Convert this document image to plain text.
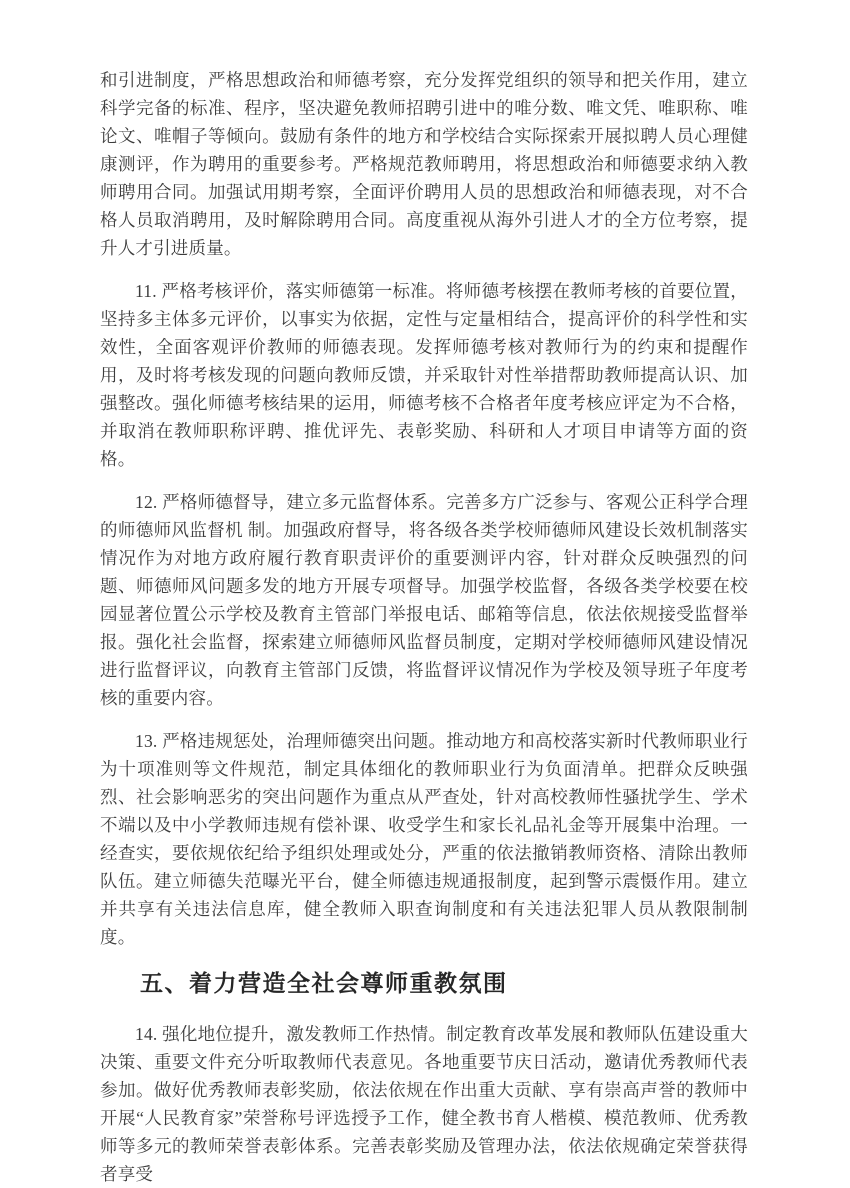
和引进制度，严格思想政治和师德考察，充分发挥党组织的领导和把关作用，建立科学完备的标准、程序，坚决避免教师招聘引进中的唯分数、唯文凭、唯职称、唯论文、唯帽子等倾向。鼓励有条件的地方和学校结合实际探索开展拟聘人员心理健康测评，作为聘用的重要参考。严格规范教师聘用，将思想政治和师德要求纳入教师聘用合同。加强试用期考察，全面评价聘用人员的思想政治和师德表现，对不合格人员取消聘用，及时解除聘用合同。高度重视从海外引进人才的全方位考察，提升人才引进质量。

11. 严格考核评价，落实师德第一标准。将师德考核摆在教师考核的首要位置，坚持多主体多元评价，以事实为依据，定性与定量相结合，提高评价的科学性和实效性，全面客观评价教师的师德表现。发挥师德考核对教师行为的约束和提醒作用，及时将考核发现的问题向教师反馈，并采取针对性举措帮助教师提高认识、加强整改。强化师德考核结果的运用，师德考核不合格者年度考核应评定为不合格，并取消在教师职称评聘、推优评先、表彰奖励、科研和人才项目申请等方面的资格。

12. 严格师德督导，建立多元监督体系。完善多方广泛参与、客观公正科学合理的师德师风监督机 制。加强政府督导，将各级各类学校师德师风建设长效机制落实情况作为对地方政府履行教育职责评价的重要测评内容，针对群众反映强烈的问题、师德师风问题多发的地方开展专项督导。加强学校监督，各级各类学校要在校园显著位置公示学校及教育主管部门举报电话、邮箱等信息，依法依规接受监督举报。强化社会监督，探索建立师德师风监督员制度，定期对学校师德师风建设情况进行监督评议，向教育主管部门反馈，将监督评议情况作为学校及领导班子年度考核的重要内容。

13. 严格违规惩处，治理师德突出问题。推动地方和高校落实新时代教师职业行为十项准则等文件规范，制定具体细化的教师职业行为负面清单。把群众反映强烈、社会影响恶劣的突出问题作为重点从严查处，针对高校教师性骚扰学生、学术不端以及中小学教师违规有偿补课、收受学生和家长礼品礼金等开展集中治理。一经查实，要依规依纪给予组织处理或处分，严重的依法撤销教师资格、清除出教师队伍。建立师德失范曝光平台，健全师德违规通报制度，起到警示震慑作用。建立并共享有关违法信息库，健全教师入职查询制度和有关违法犯罪人员从教限制制度。

五、着力营造全社会尊师重教氛围

14. 强化地位提升，激发教师工作热情。制定教育改革发展和教师队伍建设重大决策、重要文件充分听取教师代表意见。各地重要节庆日活动，邀请优秀教师代表参加。做好优秀教师表彰奖励，依法依规在作出重大贡献、享有崇高声誉的教师中开展“人民教育家”荣誉称号评选授予工作，健全教书育人楷模、模范教师、优秀教师等多元的教师荣誉表彰体系。完善表彰奖励及管理办法，依法依规确定荣誉获得者享受
